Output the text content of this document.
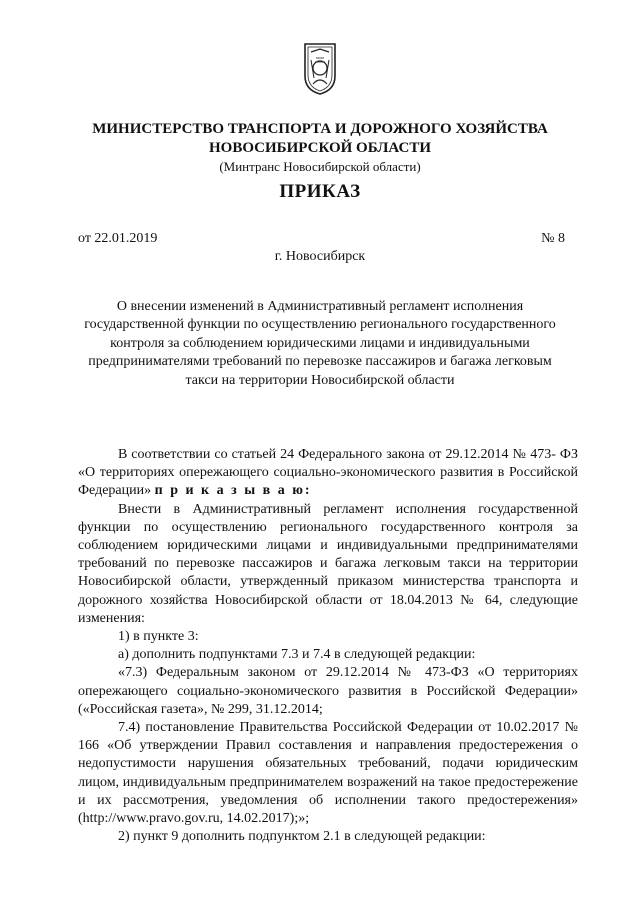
МИНИСТЕРСТВО ТРАНСПОРТА И ДОРОЖНОГО ХОЗЯЙСТВА
НОВОСИБИРСКОЙ ОБЛАСТИ
(Минтранс Новосибирской области)
ПРИКАЗ
от 22.01.2019	№ 8
г. Новосибирск
О внесении изменений в Административный регламент исполнения государственной функции по осуществлению регионального государственного контроля за соблюдением юридическими лицами и индивидуальными предпринимателями требований по перевозке пассажиров и багажа легковым такси на территории Новосибирской области

В соответствии со статьей 24 Федерального закона от 29.12.2014 № 473- ФЗ «О территориях опережающего социально-экономического развития в Российской Федерации» п р и к а з ы в а ю:

Внести в Административный регламент исполнения государственной функции по осуществлению регионального государственного контроля за соблюдением юридическими лицами и индивидуальными предпринимателями требований по перевозке пассажиров и багажа легковым такси на территории Новосибирской области, утвержденный приказом министерства транспорта и дорожного хозяйства Новосибирской области от 18.04.2013 № 64, следующие изменения:

1) в пункте 3:

а) дополнить подпунктами 7.3 и 7.4 в следующей редакции:

«7.3) Федеральным законом от 29.12.2014 № 473-ФЗ «О территориях опережающего социально-экономического развития в Российской Федерации» («Российская газета», № 299, 31.12.2014;

7.4) постановление Правительства Российской Федерации от 10.02.2017 № 166 «Об утверждении Правил составления и направления предостережения о недопустимости нарушения обязательных требований, подачи юридическим лицом, индивидуальным предпринимателем возражений на такое предостережение и их рассмотрения, уведомления об исполнении такого предостережения» (http://www.pravo.gov.ru, 14.02.2017);»;

2) пункт 9 дополнить подпунктом 2.1 в следующей редакции:
